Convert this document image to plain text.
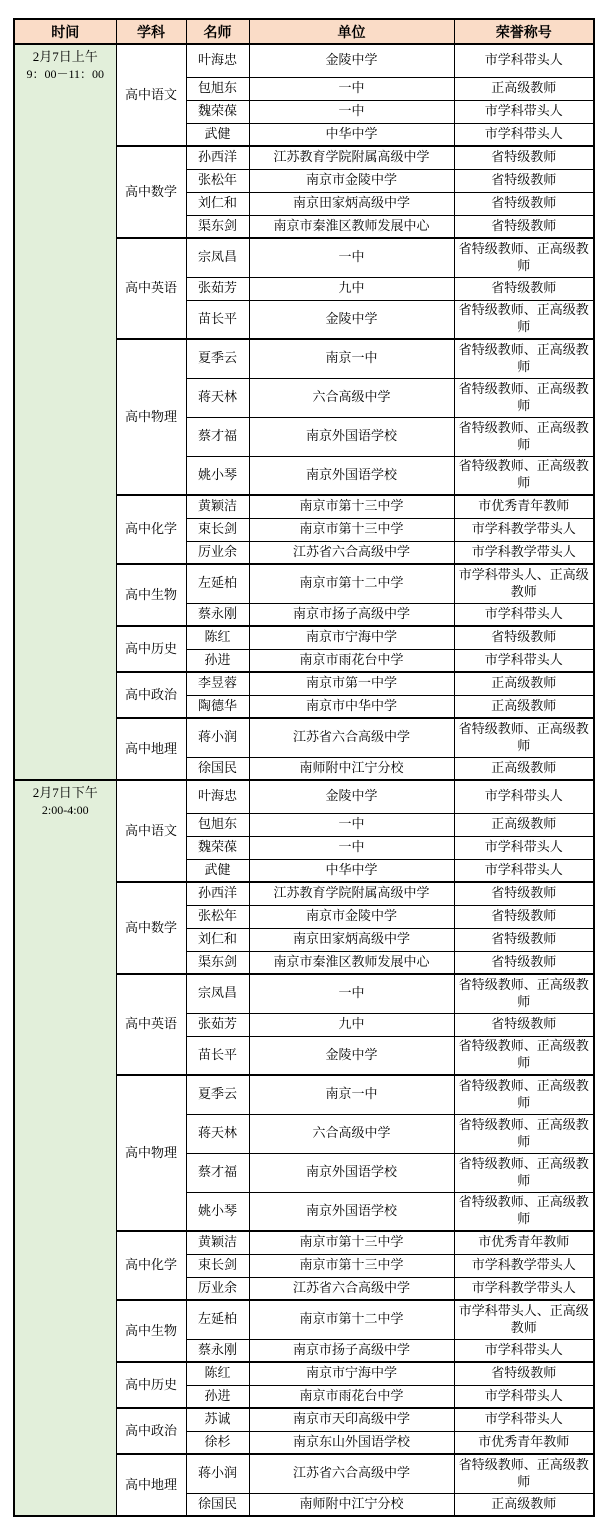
时间	学科	名师	单位	荣誉称号

2月7日上午
9：00－11：00	高中语文	叶海忠	金陵中学	市学科带头人
		包旭东	一中	正高级教师
		魏荣葆	一中	市学科带头人
		武健	中华中学	市学科带头人
	高中数学	孙西洋	江苏教育学院附属高级中学	省特级教师
		张松年	南京市金陵中学	省特级教师
		刘仁和	南京田家炳高级中学	省特级教师
		渠东剑	南京市秦淮区教师发展中心	省特级教师
	高中英语	宗凤昌	一中	省特级教师、正高级教师
		张茹芳	九中	省特级教师
		苗长平	金陵中学	省特级教师、正高级教师
	高中物理	夏季云	南京一中	省特级教师、正高级教师
		蒋天林	六合高级中学	省特级教师、正高级教师
		蔡才福	南京外国语学校	省特级教师、正高级教师
		姚小琴	南京外国语学校	省特级教师、正高级教师
	高中化学	黄颖洁	南京市第十三中学	市优秀青年教师
		束长剑	南京市第十三中学	市学科教学带头人
		厉业余	江苏省六合高级中学	市学科教学带头人
	高中生物	左延柏	南京市第十二中学	市学科带头人、正高级教师
		蔡永刚	南京市扬子高级中学	市学科带头人
	高中历史	陈红	南京市宁海中学	省特级教师
		孙进	南京市雨花台中学	市学科带头人
	高中政治	李昱蓉	南京市第一中学	正高级教师
		陶德华	南京市中华中学	正高级教师
	高中地理	蒋小润	江苏省六合高级中学	省特级教师、正高级教师
		徐国民	南师附中江宁分校	正高级教师

2月7日下午
2:00-4:00	高中语文	叶海忠	金陵中学	市学科带头人
		包旭东	一中	正高级教师
		魏荣葆	一中	市学科带头人
		武健	中华中学	市学科带头人
	高中数学	孙西洋	江苏教育学院附属高级中学	省特级教师
		张松年	南京市金陵中学	省特级教师
		刘仁和	南京田家炳高级中学	省特级教师
		渠东剑	南京市秦淮区教师发展中心	省特级教师
	高中英语	宗凤昌	一中	省特级教师、正高级教师
		张茹芳	九中	省特级教师
		苗长平	金陵中学	省特级教师、正高级教师
	高中物理	夏季云	南京一中	省特级教师、正高级教师
		蒋天林	六合高级中学	省特级教师、正高级教师
		蔡才福	南京外国语学校	省特级教师、正高级教师
		姚小琴	南京外国语学校	省特级教师、正高级教师
	高中化学	黄颖洁	南京市第十三中学	市优秀青年教师
		束长剑	南京市第十三中学	市学科教学带头人
		厉业余	江苏省六合高级中学	市学科教学带头人
	高中生物	左延柏	南京市第十二中学	市学科带头人、正高级教师
		蔡永刚	南京市扬子高级中学	市学科带头人
	高中历史	陈红	南京市宁海中学	省特级教师
		孙进	南京市雨花台中学	市学科带头人
	高中政治	苏诚	南京市天印高级中学	市学科带头人
		徐杉	南京东山外国语学校	市优秀青年教师
	高中地理	蒋小润	江苏省六合高级中学	省特级教师、正高级教师
		徐国民	南师附中江宁分校	正高级教师
